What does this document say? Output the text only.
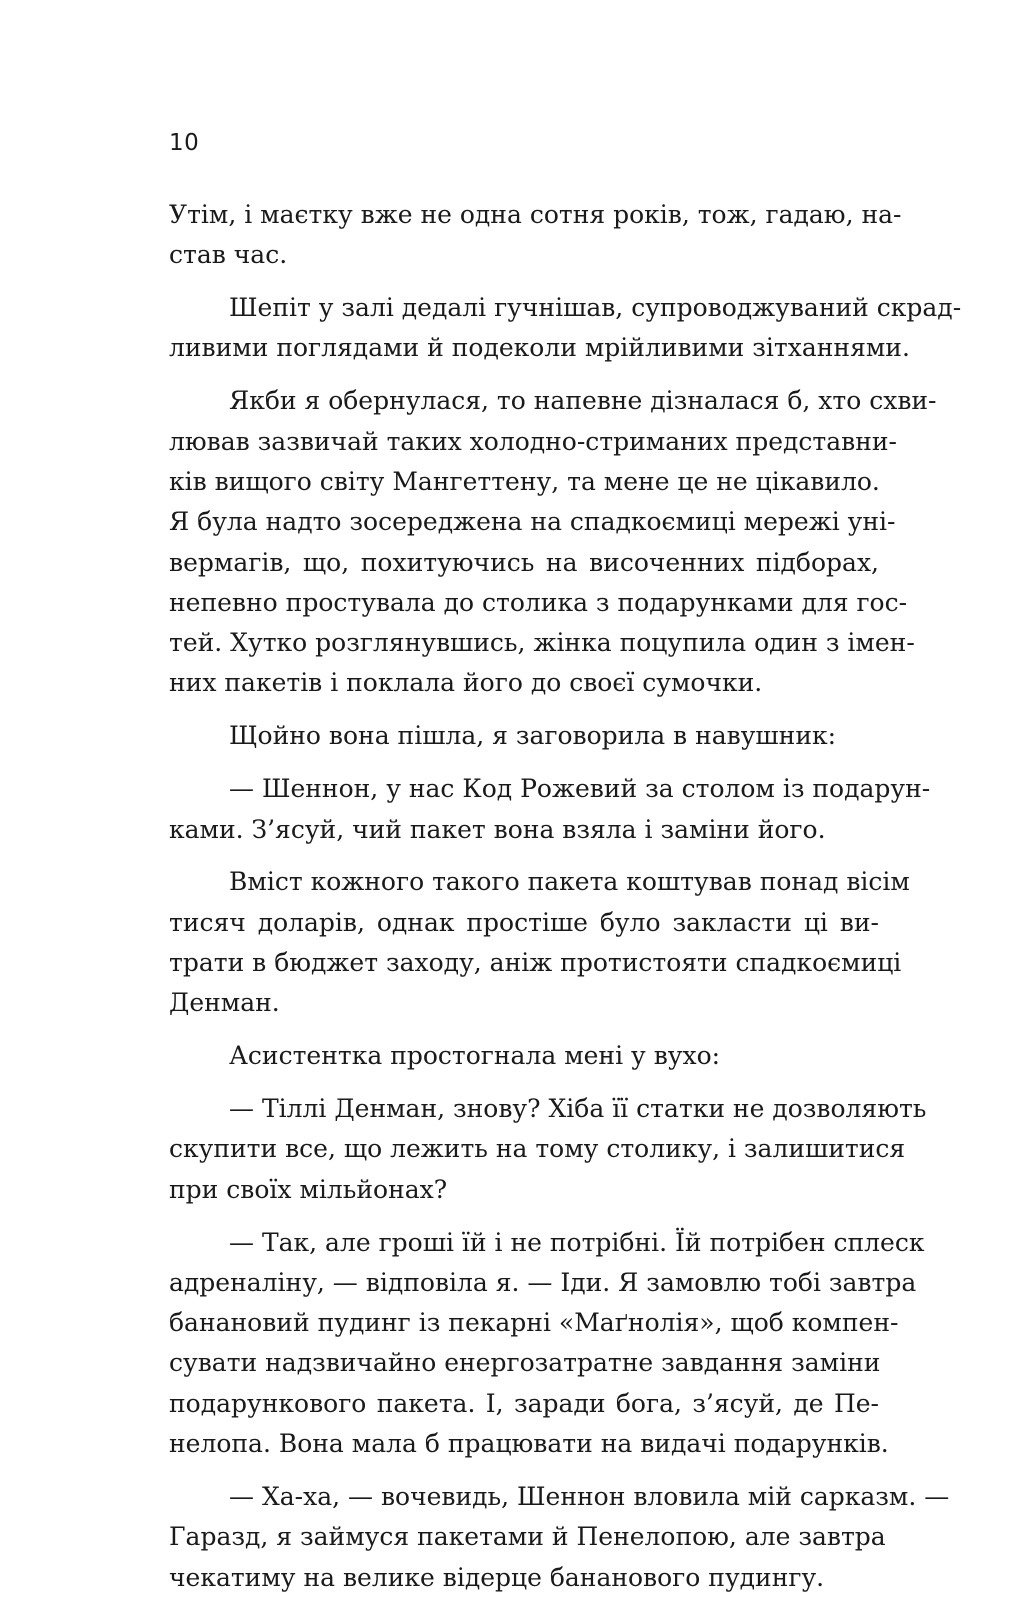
10
Утім, і маєтку вже не одна сотня років, тож, гадаю, на-
став час.
Шепіт у залі дедалі гучнішав, супроводжуваний скрад-
ливими поглядами й подеколи мрійливими зітханнями.
Якби я обернулася, то напевне дізналася б, хто схви-
лював зазвичай таких холодно-стриманих представни-
ків вищого світу Мангеттену, та мене це не цікавило.
Я була надто зосереджена на спадкоємиці мережі уні-
вермагів, що, похитуючись на височенних підборах,
непевно простувала до столика з подарунками для гос-
тей. Хутко розглянувшись, жінка поцупила один з імен-
них пакетів і поклала його до своєї сумочки.
Щойно вона пішла, я заговорила в навушник:
— Шеннон, у нас Код Рожевий за столом із подарун-
ками. З’ясуй, чий пакет вона взяла і заміни його.
Вміст кожного такого пакета коштував понад вісім
тисяч доларів, однак простіше було закласти ці ви-
трати в бюджет заходу, аніж протистояти спадкоємиці
Денман.
Асистентка простогнала мені у вухо:
— Тіллі Денман, знову? Хіба її статки не дозволяють
скупити все, що лежить на тому столику, і залишитися
при своїх мільйонах?
— Так, але гроші їй і не потрібні. Їй потрібен сплеск
адреналіну, — відповіла я. — Іди. Я замовлю тобі завтра
банановий пудинг із пекарні «Маґнолія», щоб компен-
сувати надзвичайно енергозатратне завдання заміни
подарункового пакета. І, заради бога, з’ясуй, де Пе-
нелопа. Вона мала б працювати на видачі подарунків.
— Ха-ха, — вочевидь, Шеннон вловила мій сарказм. —
Гаразд, я займуся пакетами й Пенелопою, але завтра
чекатиму на велике відерце бананового пудингу.
